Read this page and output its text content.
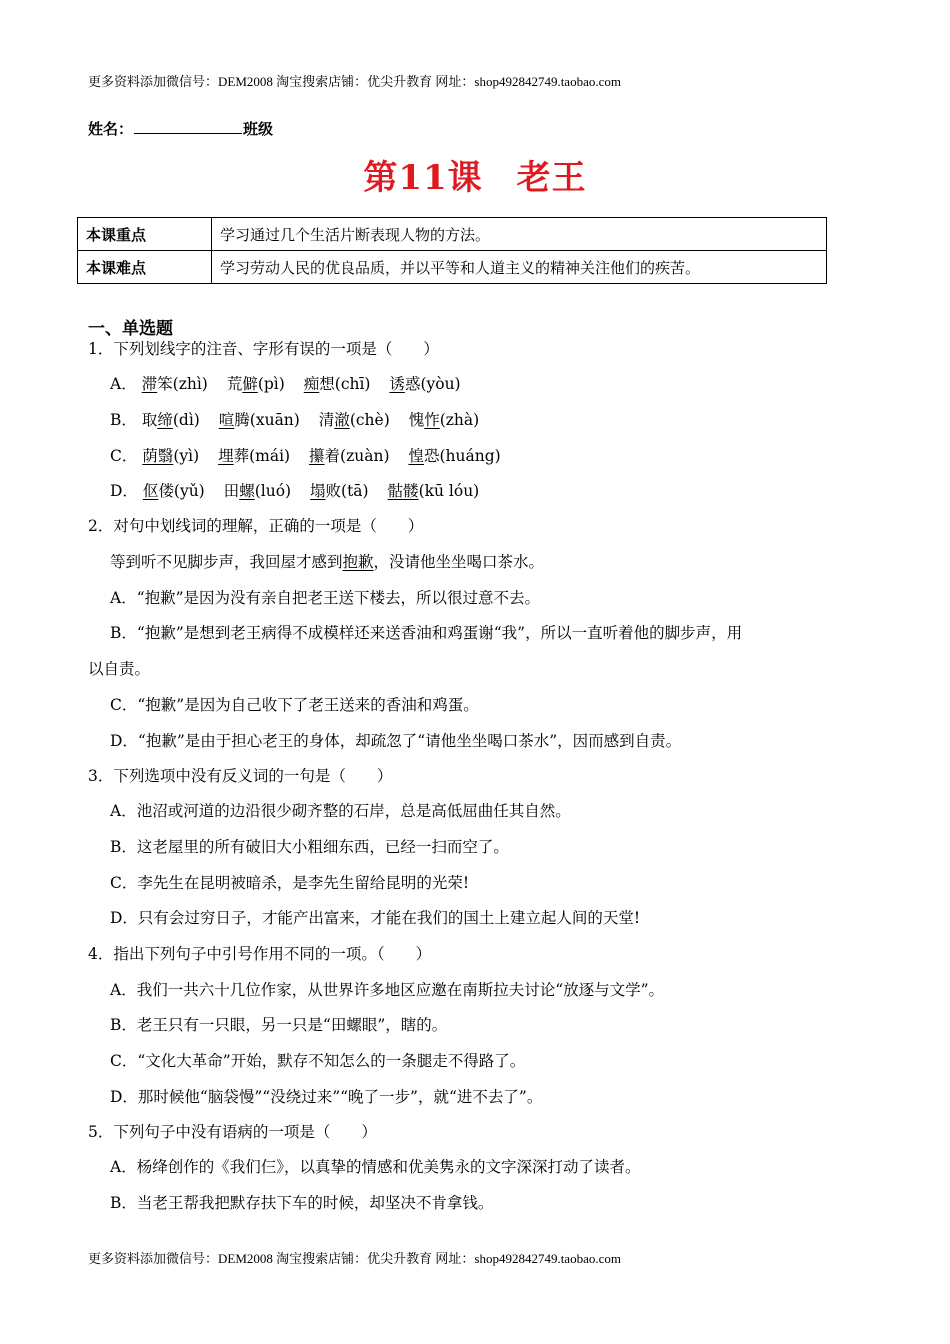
更多资料添加微信号：DEM2008 淘宝搜索店铺：优尖升教育 网址：shop492842749.taobao.com
姓名：	班级
第11课 老王
本课重点	学习通过几个生活片断表现人物的方法。
本课难点	学习劳动人民的优良品质，并以平等和人道主义的精神关注他们的疾苦。
一、单选题
1．下列划线字的注音、字形有误的一项是（　　）
A． 滞笨(zhì) 荒僻(pì) 痴想(chī) 诱惑(yòu)
B． 取缔(dì) 喧腾(xuān) 清澈(chè) 愧怍(zhà)
C． 荫翳(yì) 埋葬(mái) 攥着(zuàn) 惶恐(huáng)
D． 伛偻(yǔ) 田螺(luó) 塌败(tā) 骷髅(kū lóu)
2．对句中划线词的理解，正确的一项是（　　）
等到听不见脚步声，我回屋才感到抱歉，没请他坐坐喝口茶水。
A．“抱歉”是因为没有亲自把老王送下楼去，所以很过意不去。
B．“抱歉”是想到老王病得不成模样还来送香油和鸡蛋谢“我”，所以一直听着他的脚步声，用
以自责。
C．“抱歉”是因为自己收下了老王送来的香油和鸡蛋。
D．“抱歉”是由于担心老王的身体，却疏忽了“请他坐坐喝口茶水”，因而感到自责。
3．下列选项中没有反义词的一句是（　　）
A．池沼或河道的边沿很少砌齐整的石岸，总是高低屈曲任其自然。
B．这老屋里的所有破旧大小粗细东西，已经一扫而空了。
C．李先生在昆明被暗杀，是李先生留给昆明的光荣!
D．只有会过穷日子，才能产出富来，才能在我们的国土上建立起人间的天堂!
4．指出下列句子中引号作用不同的一项。（　　）
A．我们一共六十几位作家，从世界许多地区应邀在南斯拉夫讨论“放逐与文学”。
B．老王只有一只眼，另一只是“田螺眼”，瞎的。
C．“文化大革命”开始，默存不知怎么的一条腿走不得路了。
D．那时候他“脑袋慢”“没绕过来”“晚了一步”，就“进不去了”。
5．下列句子中没有语病的一项是（　　）
A．杨绛创作的《我们仨》，以真挚的情感和优美隽永的文字深深打动了读者。
B．当老王帮我把默存扶下车的时候，却坚决不肯拿钱。
更多资料添加微信号：DEM2008 淘宝搜索店铺：优尖升教育 网址：shop492842749.taobao.com
